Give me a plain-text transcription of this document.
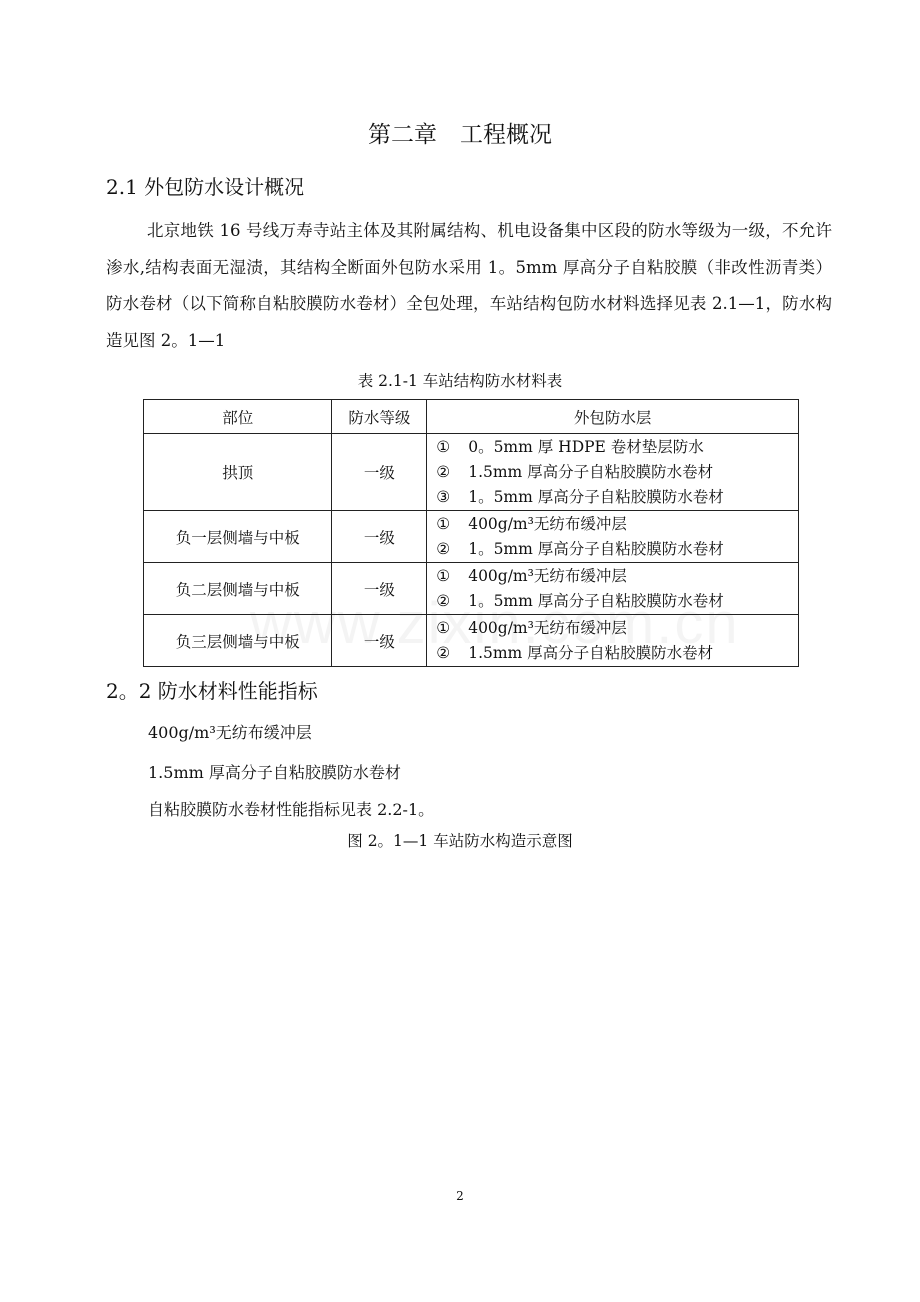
第二章　工程概况
2.1 外包防水设计概况
北京地铁 16 号线万寿寺站主体及其附属结构、机电设备集中区段的防水等级为一级，不允许渗水,结构表面无湿渍，其结构全断面外包防水采用 1。5mm 厚高分子自粘胶膜（非改性沥青类）防水卷材（以下简称自粘胶膜防水卷材）全包处理，车站结构包防水材料选择见表 2.1—1，防水构造见图 2。1—1
表 2.1-1 车站结构防水材料表
部位	防水等级	外包防水层
拱顶	一级	① 0。5mm 厚 HDPE 卷材垫层防水
② 1.5mm 厚高分子自粘胶膜防水卷材
③ 1。5mm 厚高分子自粘胶膜防水卷材

负一层侧墙与中板	一级	① 400g/m³无纺布缓冲层
② 1。5mm 厚高分子自粘胶膜防水卷材

负二层侧墙与中板	一级	① 400g/m³无纺布缓冲层
② 1。5mm 厚高分子自粘胶膜防水卷材

负三层侧墙与中板	一级	① 400g/m³无纺布缓冲层
② 1.5mm 厚高分子自粘胶膜防水卷材
2。2 防水材料性能指标
400g/m³无纺布缓冲层
1.5mm 厚高分子自粘胶膜防水卷材
自粘胶膜防水卷材性能指标见表 2.2-1。
图 2。1—1 车站防水构造示意图
2
